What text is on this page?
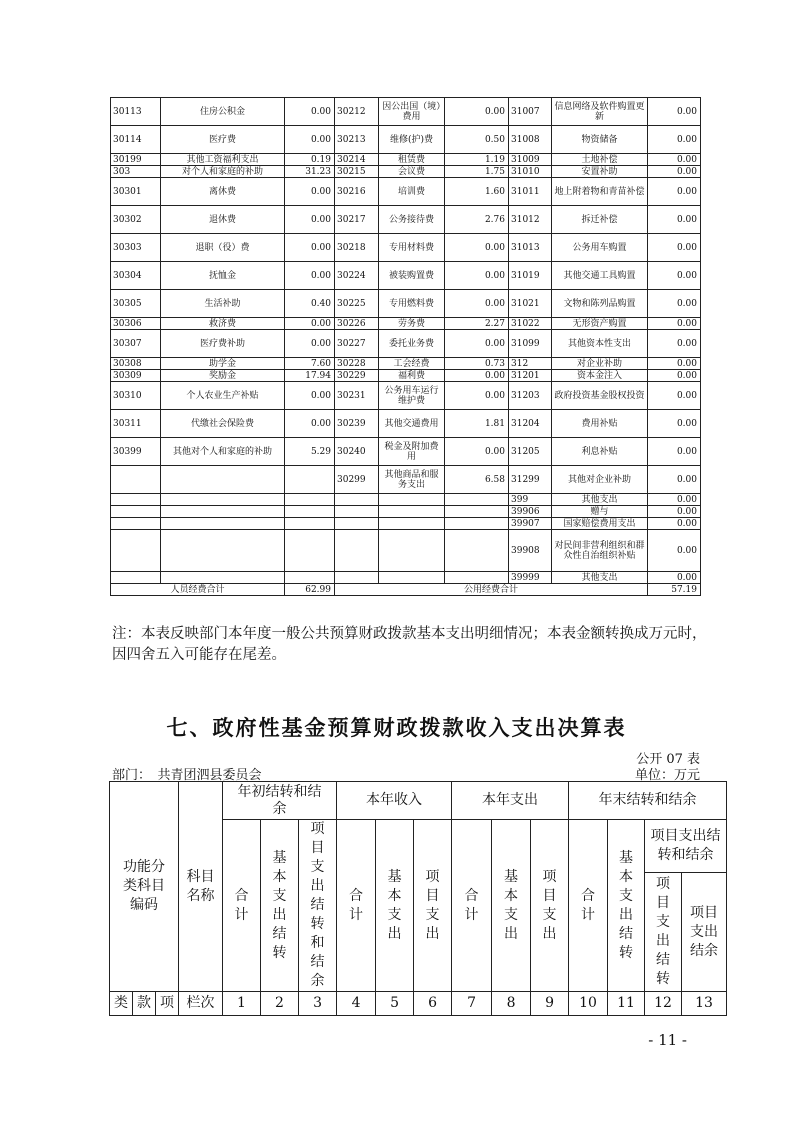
30113	住房公积金	0.00	30212	因公出国（境）费用	0.00	31007	信息网络及软件购置更新	0.00
30114	医疗费	0.00	30213	维修(护)费	0.50	31008	物资储备	0.00
30199	其他工资福利支出	0.19	30214	租赁费	1.19	31009	土地补偿	0.00
303	对个人和家庭的补助	31.23	30215	会议费	1.75	31010	安置补助	0.00
30301	离休费	0.00	30216	培训费	1.60	31011	地上附着物和青苗补偿	0.00
30302	退休费	0.00	30217	公务接待费	2.76	31012	拆迁补偿	0.00
30303	退职（役）费	0.00	30218	专用材料费	0.00	31013	公务用车购置	0.00
30304	抚恤金	0.00	30224	被装购置费	0.00	31019	其他交通工具购置	0.00
30305	生活补助	0.40	30225	专用燃料费	0.00	31021	文物和陈列品购置	0.00
30306	救济费	0.00	30226	劳务费	2.27	31022	无形资产购置	0.00
30307	医疗费补助	0.00	30227	委托业务费	0.00	31099	其他资本性支出	0.00
30308	助学金	7.60	30228	工会经费	0.73	312	对企业补助	0.00
30309	奖励金	17.94	30229	福利费	0.00	31201	资本金注入	0.00
30310	个人农业生产补贴	0.00	30231	公务用车运行维护费	0.00	31203	政府投资基金股权投资	0.00
30311	代缴社会保险费	0.00	30239	其他交通费用	1.81	31204	费用补贴	0.00
30399	其他对个人和家庭的补助	5.29	30240	税金及附加费用	0.00	31205	利息补贴	0.00
			30299	其他商品和服务支出	6.58	31299	其他对企业补助	0.00
						399	其他支出	0.00
						39906	赠与	0.00
						39907	国家赔偿费用支出	0.00
						39908	对民间非营利组织和群众性自治组织补贴	0.00
						39999	其他支出	0.00
人员经费合计		62.99	公用经费合计					57.19
注：本表反映部门本年度一般公共预算财政拨款基本支出明细情况；本表金额转换成万元时，因四舍五入可能存在尾差。
七、政府性基金预算财政拨款收入支出决算表
公开 07 表
部门：　共青团泗县委员会	单位：万元
功能分类科目编码			科目名称	年初结转和结余			本年收入			本年支出			年末结转和结余			
				合计	基本支出结转	项目支出结转和结余	合计	基本支出	项目支出	合计	基本支出	项目支出	合计	基本支出结转	项目支出结转和结余	
															项目支出结转	项目支出结余
类	款	项	栏次	1	2	3	4	5	6	7	8	9	10	11	12	13
- 11 -
